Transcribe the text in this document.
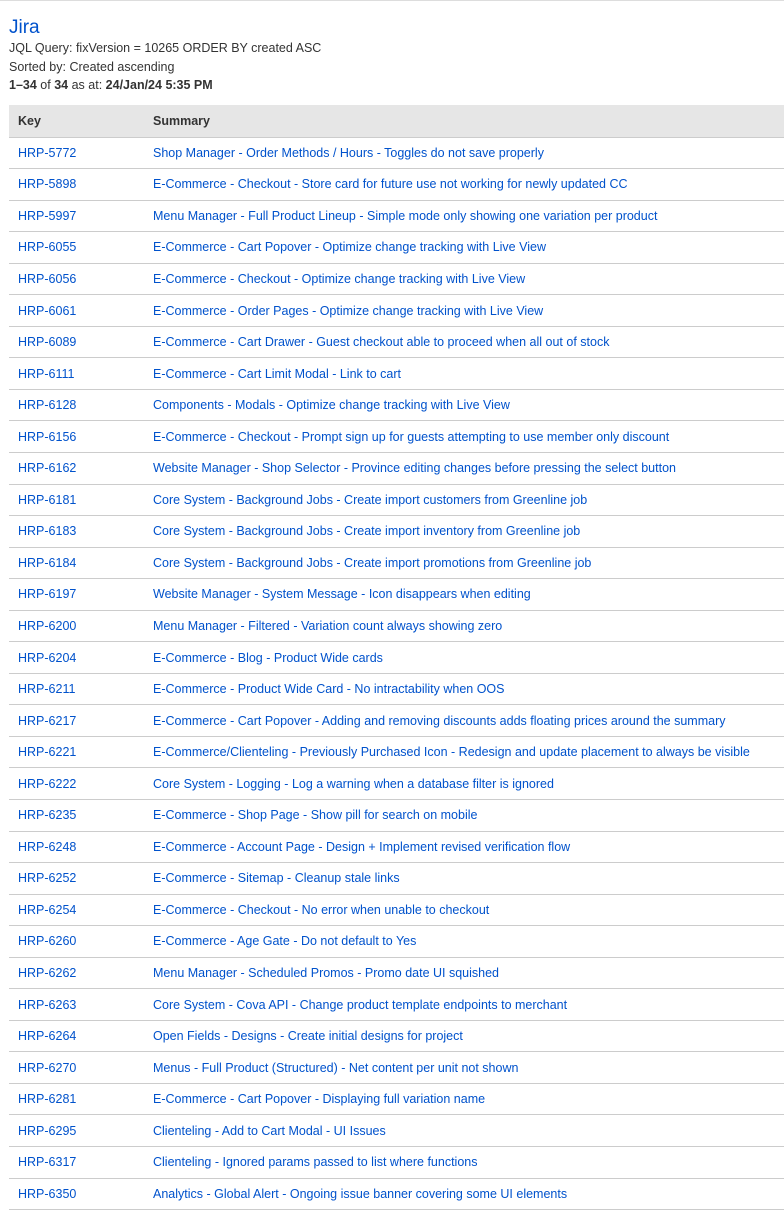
Jira
JQL Query: fixVersion = 10265 ORDER BY created ASC
Sorted by: Created ascending
1–34 of 34 as at: 24/Jan/24 5:35 PM
Key	Summary
HRP-5772	Shop Manager - Order Methods / Hours - Toggles do not save properly
HRP-5898	E-Commerce - Checkout - Store card for future use not working for newly updated CC
HRP-5997	Menu Manager - Full Product Lineup - Simple mode only showing one variation per product
HRP-6055	E-Commerce - Cart Popover - Optimize change tracking with Live View
HRP-6056	E-Commerce - Checkout - Optimize change tracking with Live View
HRP-6061	E-Commerce - Order Pages - Optimize change tracking with Live View
HRP-6089	E-Commerce - Cart Drawer - Guest checkout able to proceed when all out of stock
HRP-6111	E-Commerce - Cart Limit Modal - Link to cart
HRP-6128	Components - Modals - Optimize change tracking with Live View
HRP-6156	E-Commerce - Checkout - Prompt sign up for guests attempting to use member only discount
HRP-6162	Website Manager - Shop Selector - Province editing changes before pressing the select button
HRP-6181	Core System - Background Jobs - Create import customers from Greenline job
HRP-6183	Core System - Background Jobs - Create import inventory from Greenline job
HRP-6184	Core System - Background Jobs - Create import promotions from Greenline job
HRP-6197	Website Manager - System Message - Icon disappears when editing
HRP-6200	Menu Manager - Filtered - Variation count always showing zero
HRP-6204	E-Commerce - Blog - Product Wide cards
HRP-6211	E-Commerce - Product Wide Card - No intractability when OOS
HRP-6217	E-Commerce - Cart Popover - Adding and removing discounts adds floating prices around the summary
HRP-6221	E-Commerce/Clienteling - Previously Purchased Icon - Redesign and update placement to always be visible
HRP-6222	Core System - Logging - Log a warning when a database filter is ignored
HRP-6235	E-Commerce - Shop Page - Show pill for search on mobile
HRP-6248	E-Commerce - Account Page - Design + Implement revised verification flow
HRP-6252	E-Commerce - Sitemap - Cleanup stale links
HRP-6254	E-Commerce - Checkout - No error when unable to checkout
HRP-6260	E-Commerce - Age Gate - Do not default to Yes
HRP-6262	Menu Manager - Scheduled Promos - Promo date UI squished
HRP-6263	Core System - Cova API - Change product template endpoints to merchant
HRP-6264	Open Fields - Designs - Create initial designs for project
HRP-6270	Menus - Full Product (Structured) - Net content per unit not shown
HRP-6281	E-Commerce - Cart Popover - Displaying full variation name
HRP-6295	Clienteling - Add to Cart Modal - UI Issues
HRP-6317	Clienteling - Ignored params passed to list where functions
HRP-6350	Analytics - Global Alert - Ongoing issue banner covering some UI elements
